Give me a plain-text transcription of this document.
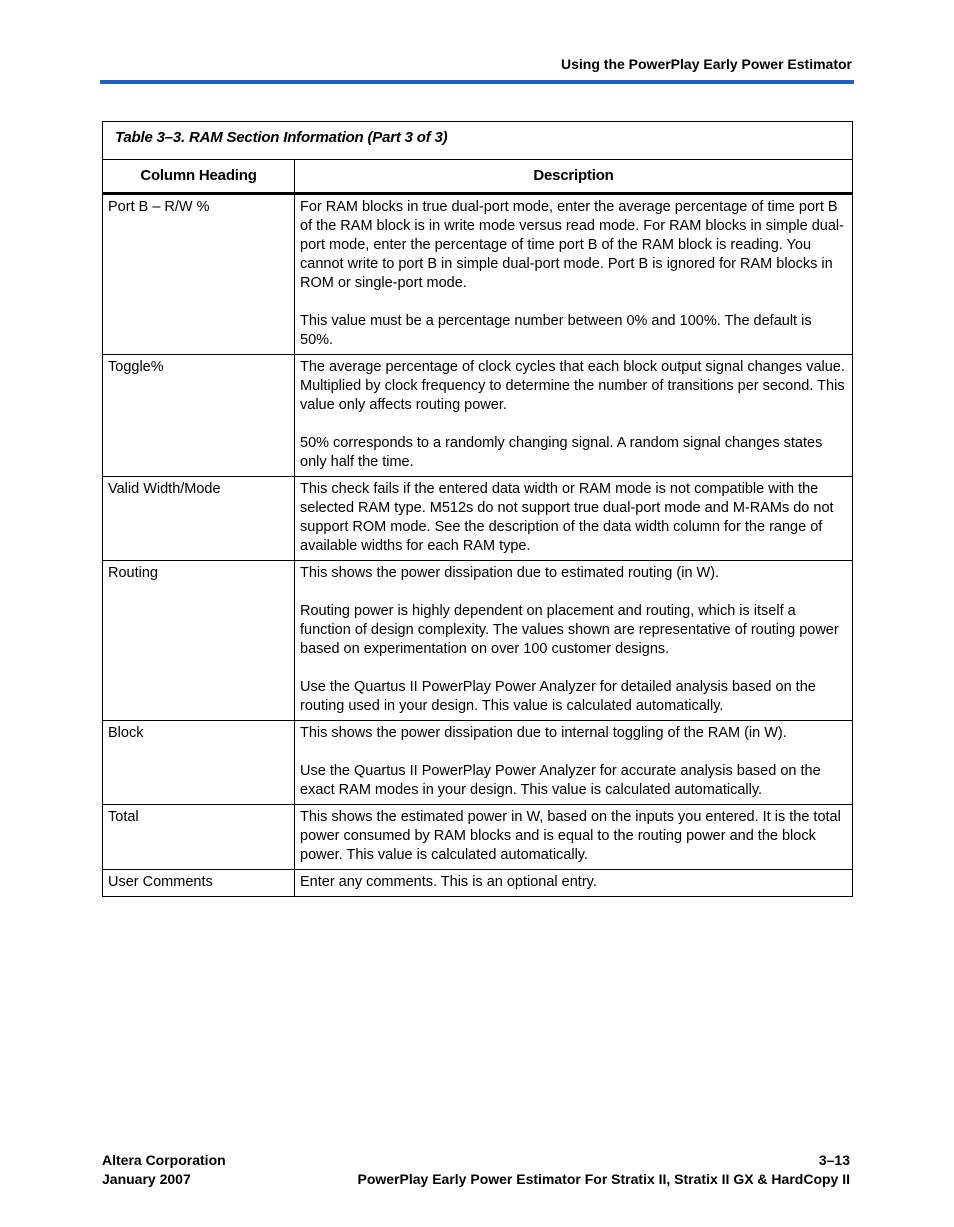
Using the PowerPlay Early Power Estimator
Table 3–3. RAM Section Information (Part 3 of 3)	
Column Heading	Description
Port B – R/W %	For RAM blocks in true dual-port mode, enter the average percentage of time port B of the RAM block is in write mode versus read mode. For RAM blocks in simple dual-port mode, enter the percentage of time port B of the RAM block is reading. You cannot write to port B in simple dual-port mode. Port B is ignored for RAM blocks in ROM or single-port mode.

This value must be a percentage number between 0% and 100%. The default is 50%.

Toggle%	The average percentage of clock cycles that each block output signal changes value. Multiplied by clock frequency to determine the number of transitions per second. This value only affects routing power.

50% corresponds to a randomly changing signal. A random signal changes states only half the time.

Valid Width/Mode	This check fails if the entered data width or RAM mode is not compatible with the selected RAM type. M512s do not support true dual-port mode and M-RAMs do not support ROM mode. See the description of the data width column for the range of available widths for each RAM type.

Routing	This shows the power dissipation due to estimated routing (in W).

Routing power is highly dependent on placement and routing, which is itself a function of design complexity. The values shown are representative of routing power based on experimentation on over 100 customer designs.

Use the Quartus II PowerPlay Power Analyzer for detailed analysis based on the routing used in your design. This value is calculated automatically.

Block	This shows the power dissipation due to internal toggling of the RAM (in W).

Use the Quartus II PowerPlay Power Analyzer for accurate analysis based on the exact RAM modes in your design. This value is calculated automatically.

Total	This shows the estimated power in W, based on the inputs you entered. It is the total power consumed by RAM blocks and is equal to the routing power and the block power. This value is calculated automatically.

User Comments	Enter any comments. This is an optional entry.

Altera Corporation
January 2007
3–13
PowerPlay Early Power Estimator For Stratix II, Stratix II GX & HardCopy II
